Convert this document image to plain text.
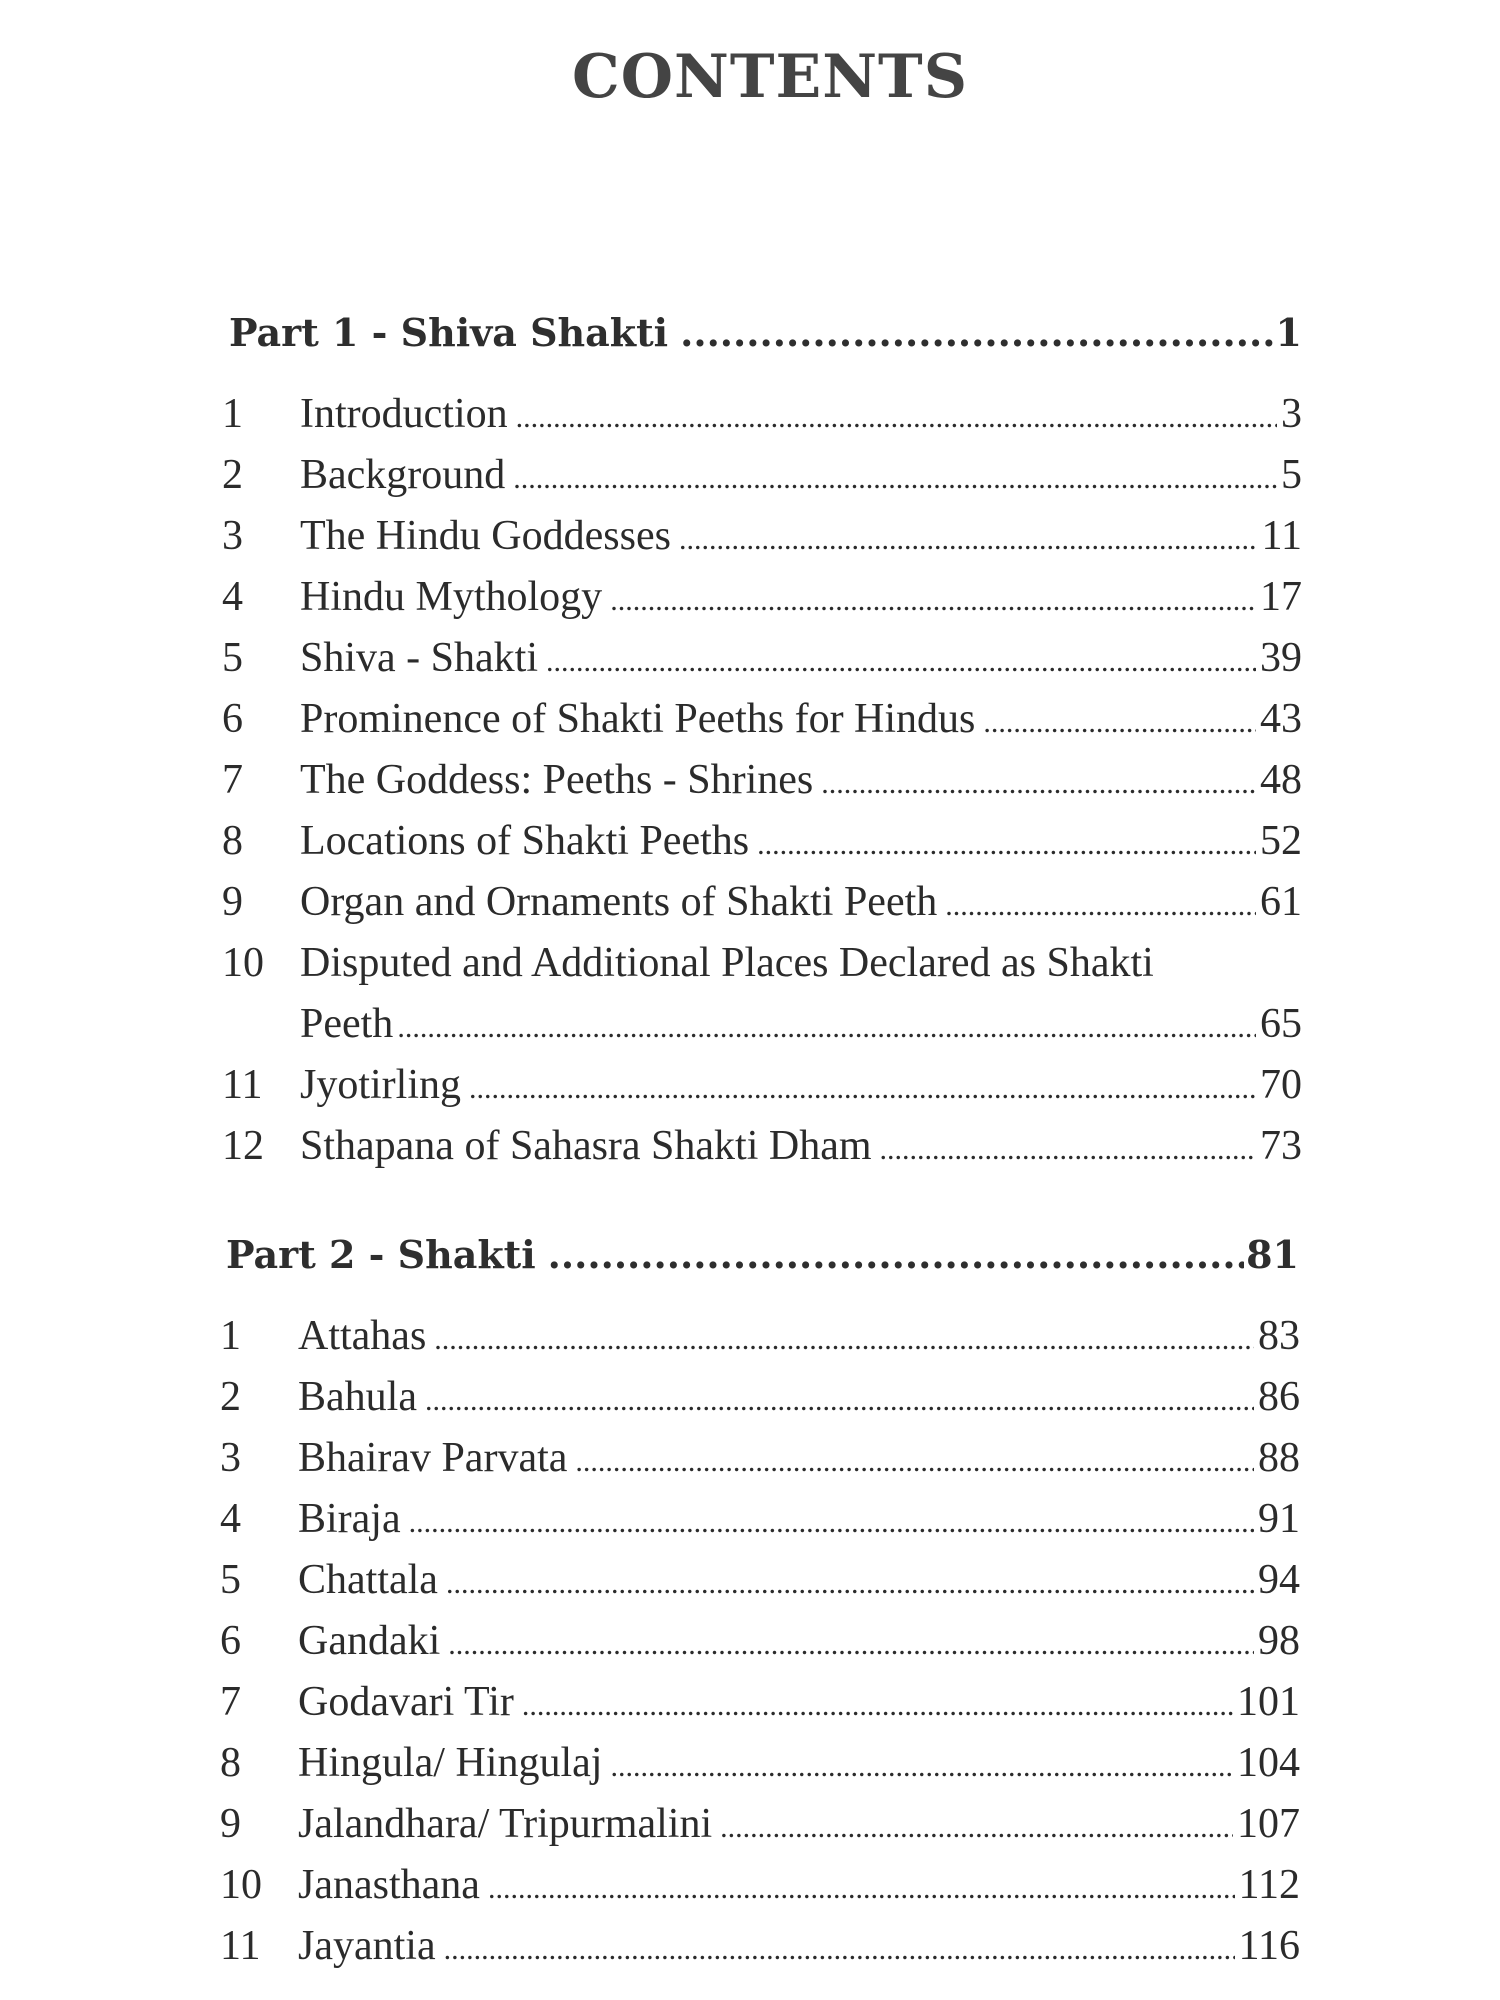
CONTENTS
Part 1 - Shiva Shakti .....	1
1	Introduction .....	3
2	Background .....	5
3	The Hindu Goddesses .....	11
4	Hindu Mythology .....	17
5	Shiva - Shakti .....	39
6	Prominence of Shakti Peeths for Hindus .....	43
7	The Goddess: Peeths - Shrines .....	48
8	Locations of Shakti Peeths .....	52
9	Organ and Ornaments of Shakti Peeth .....	61
10 Disputed and Additional Places Declared as Shakti
Peeth .....	65
11 Jyotirling .....	70
12 Sthapana of Sahasra Shakti Dham .....	73
Part 2 - Shakti .....	81
1	Attahas .....	83
2	Bahula .....	86
3	Bhairav Parvata .....	88
4	Biraja .....	91
5	Chattala .....	94
6	Gandaki .....	98
7	Godavari Tir .....	101
8	Hingula/ Hingulaj .....	104
9	Jalandhara/ Tripurmalini .....	107
10 Janasthana .....	112
11 Jayantia .....	116
